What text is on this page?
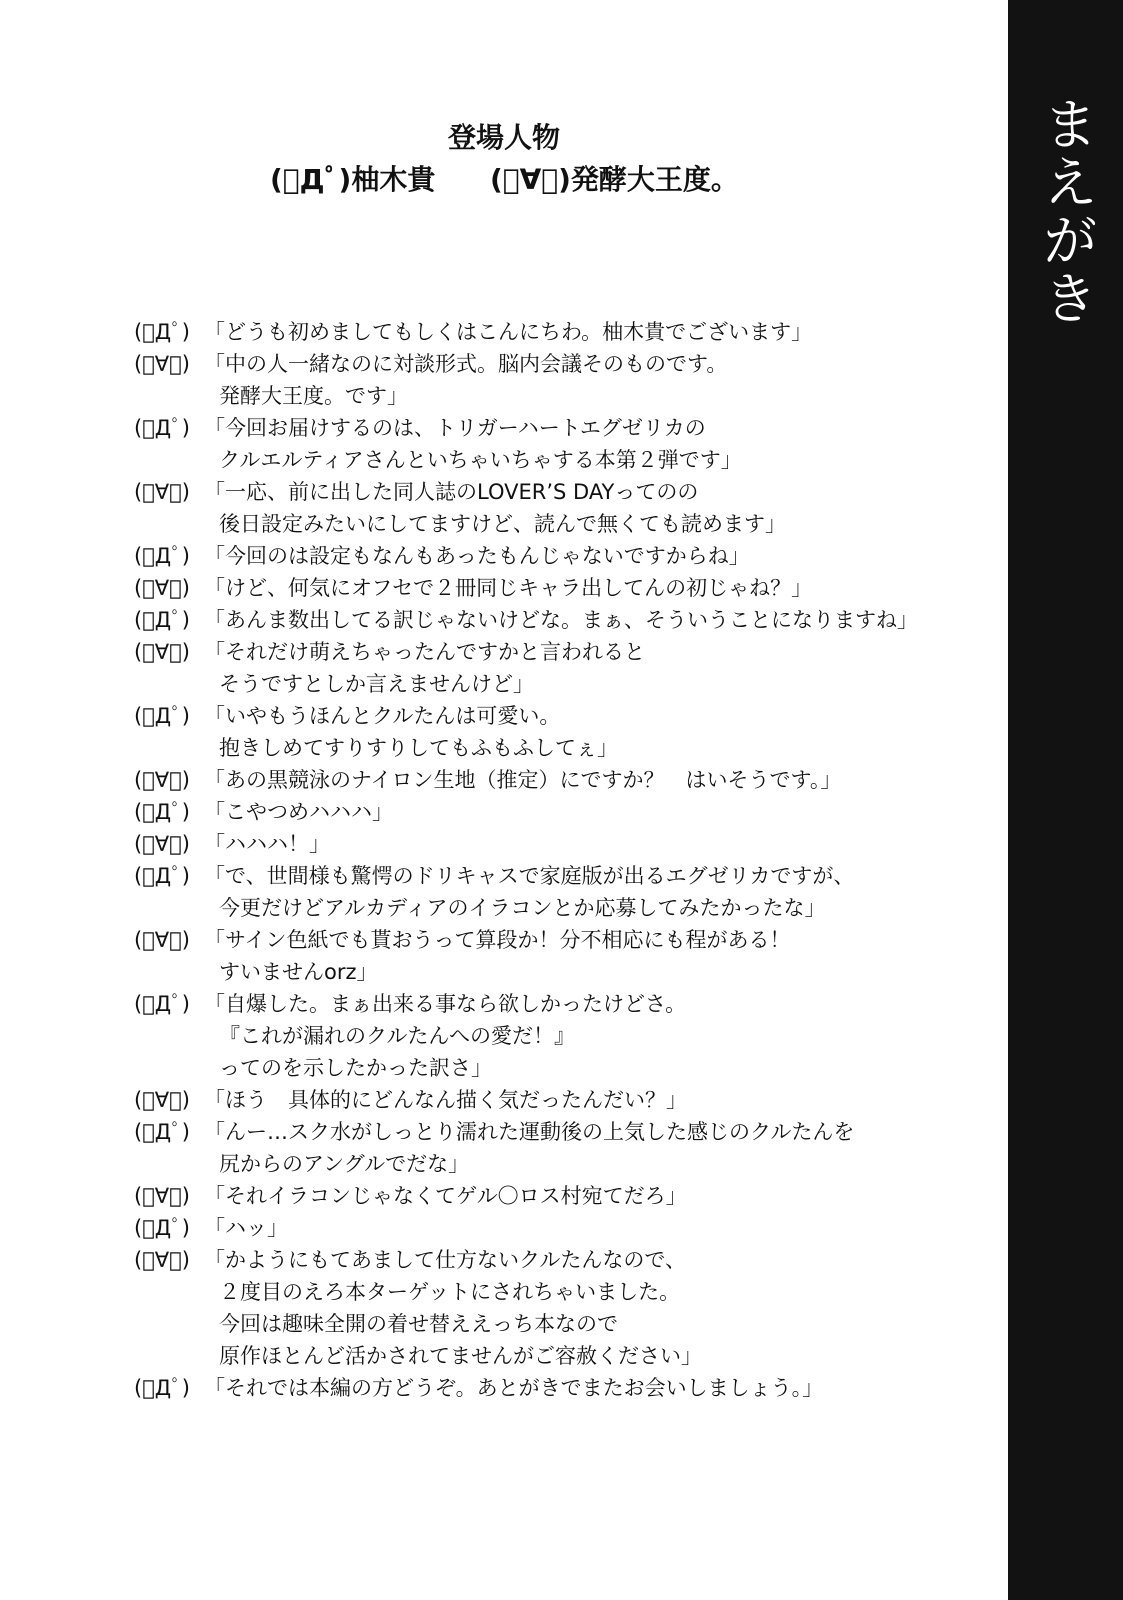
登場人物
(ﾟДﾟ)柚木貴 (ﾟ∀ﾟ)発酵大王度。
(ﾟДﾟ) 「どうも初めましてもしくはこんにちわ。柚木貴でございます」
(ﾟ∀ﾟ) 「中の人一緒なのに対談形式。脳内会議そのものです。
発酵大王度。です」
(ﾟДﾟ) 「今回お届けするのは、トリガーハートエグゼリカの
クルエルティアさんといちゃいちゃする本第２弾です」
(ﾟ∀ﾟ) 「一応、前に出した同人誌のLOVER’S DAYってのの
後日設定みたいにしてますけど、読んで無くても読めます」
(ﾟДﾟ) 「今回のは設定もなんもあったもんじゃないですからね」
(ﾟ∀ﾟ) 「けど、何気にオフセで２冊同じキャラ出してんの初じゃね？」
(ﾟДﾟ) 「あんま数出してる訳じゃないけどな。まぁ、そういうことになりますね」
(ﾟ∀ﾟ) 「それだけ萌えちゃったんですかと言われると
そうですとしか言えませんけど」
(ﾟДﾟ) 「いやもうほんとクルたんは可愛い。
抱きしめてすりすりしてもふもふしてぇ」
(ﾟ∀ﾟ) 「あの黒競泳のナイロン生地（推定）にですか？　はいそうです。」
(ﾟДﾟ) 「こやつめハハハ」
(ﾟ∀ﾟ) 「ハハハ！」
(ﾟДﾟ) 「で、世間様も驚愕のドリキャスで家庭版が出るエグゼリカですが、
今更だけどアルカディアのイラコンとか応募してみたかったな」
(ﾟ∀ﾟ) 「サイン色紙でも貰おうって算段か！分不相応にも程がある！
すいませんorz」
(ﾟДﾟ) 「自爆した。まぁ出来る事なら欲しかったけどさ。
『これが漏れのクルたんへの愛だ！』
ってのを示したかった訳さ」
(ﾟ∀ﾟ) 「ほう　具体的にどんなん描く気だったんだい？」
(ﾟДﾟ) 「んー…スク水がしっとり濡れた運動後の上気した感じのクルたんを
尻からのアングルでだな」
(ﾟ∀ﾟ) 「それイラコンじゃなくてゲル〇ロス村宛てだろ」
(ﾟДﾟ) 「ハッ」
(ﾟ∀ﾟ) 「かようにもてあまして仕方ないクルたんなので、
２度目のえろ本ターゲットにされちゃいました。
今回は趣味全開の着せ替ええっち本なので
原作ほとんど活かされてませんがご容赦ください」
(ﾟДﾟ) 「それでは本編の方どうぞ。あとがきでまたお会いしましょう。」
ま
え
が
き
